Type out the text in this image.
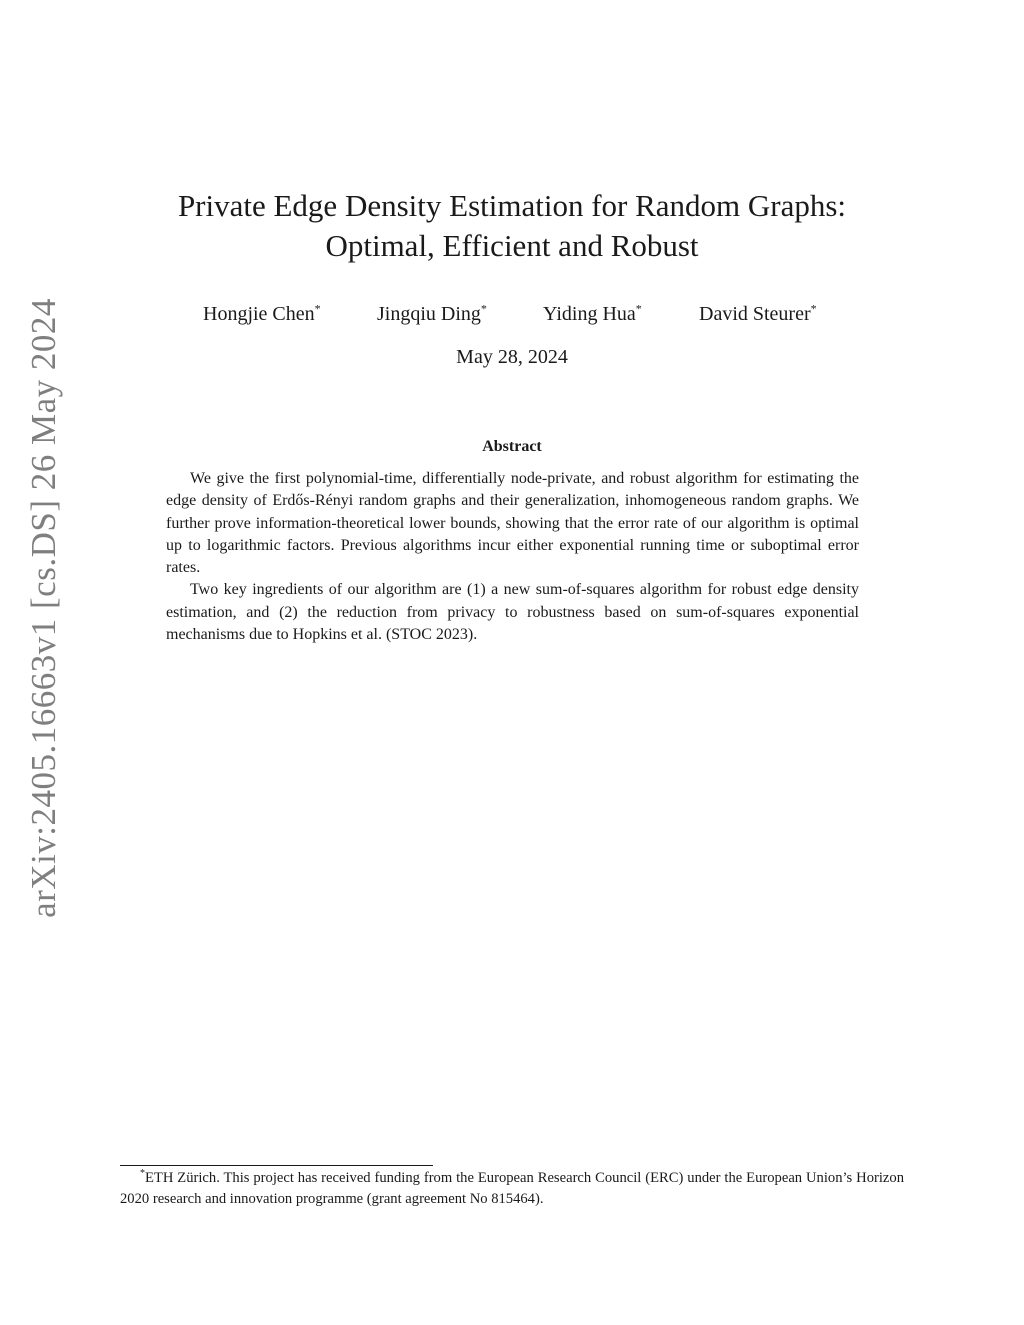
arXiv:2405.16663v1 [cs.DS] 26 May 2024
Private Edge Density Estimation for Random Graphs:
Optimal, Efficient and Robust
Hongjie Chen*	Jingqiu Ding*	Yiding Hua*	David Steurer*
May 28, 2024
Abstract

We give the first polynomial-time, differentially node-private, and robust algorithm for estimating the edge density of Erdős-Rényi random graphs and their generalization, inhomogeneous random graphs. We further prove information-theoretical lower bounds, showing that the error rate of our algorithm is optimal up to logarithmic factors. Previous algorithms incur either exponential running time or suboptimal error rates.

Two key ingredients of our algorithm are (1) a new sum-of-squares algorithm for robust edge density estimation, and (2) the reduction from privacy to robustness based on sum-of-squares exponential mechanisms due to Hopkins et al. (STOC 2023).

*ETH Zürich. This project has received funding from the European Research Council (ERC) under the European Union’s Horizon 2020 research and innovation programme (grant agreement No 815464).
